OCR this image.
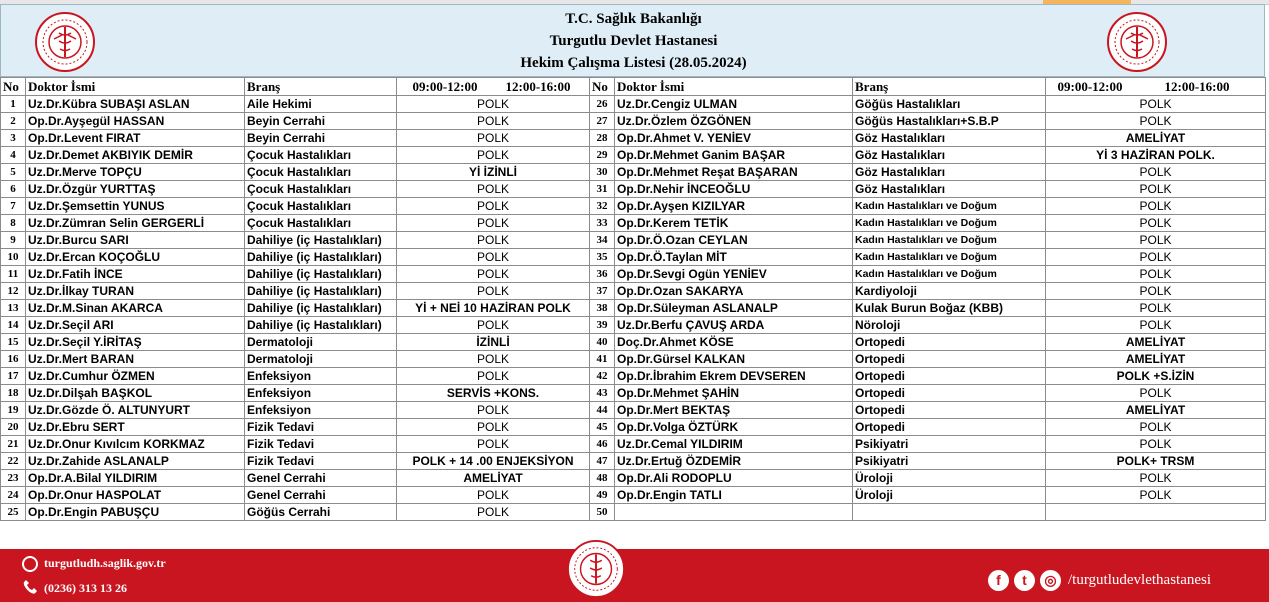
T.C. Sağlık Bakanlığı
Turgutlu Devlet Hastanesi
Hekim Çalışma Listesi (28.05.2024)
No	Doktor İsmi	Branş	09:00-12:00 12:00-16:00	No	Doktor İsmi	Branş	09:00-12:00 12:00-16:00
1	Uz.Dr.Kübra SUBAŞI ASLAN	Aile Hekimi	POLK	26	Uz.Dr.Cengiz ULMAN	Göğüs Hastalıkları	POLK
2	Op.Dr.Ayşegül HASSAN	Beyin Cerrahi	POLK	27	Uz.Dr.Özlem ÖZGÖNEN	Göğüs Hastalıkları+S.B.P	POLK
3	Op.Dr.Levent FIRAT	Beyin Cerrahi	POLK	28	Op.Dr.Ahmet V. YENİEV	Göz Hastalıkları	AMELİYAT
4	Uz.Dr.Demet AKBIYIK DEMİR	Çocuk Hastalıkları	POLK	29	Op.Dr.Mehmet Ganim BAŞAR	Göz Hastalıkları	Yİ 3 HAZİRAN POLK.
5	Uz.Dr.Merve TOPÇU	Çocuk Hastalıkları	Yİ İZİNLİ	30	Op.Dr.Mehmet Reşat BAŞARAN	Göz Hastalıkları	POLK
6	Uz.Dr.Özgür YURTTAŞ	Çocuk Hastalıkları	POLK	31	Op.Dr.Nehir İNCEOĞLU	Göz Hastalıkları	POLK
7	Uz.Dr.Şemsettin YUNUS	Çocuk Hastalıkları	POLK	32	Op.Dr.Ayşen KIZILYAR	Kadın Hastalıkları ve Doğum	POLK
8	Uz.Dr.Zümran Selin GERGERLİ	Çocuk Hastalıkları	POLK	33	Op.Dr.Kerem TETİK	Kadın Hastalıkları ve Doğum	POLK
9	Uz.Dr.Burcu SARI	Dahiliye (iç Hastalıkları)	POLK	34	Op.Dr.Ö.Ozan CEYLAN	Kadın Hastalıkları ve Doğum	POLK
10	Uz.Dr.Ercan KOÇOĞLU	Dahiliye (iç Hastalıkları)	POLK	35	Op.Dr.Ö.Taylan MİT	Kadın Hastalıkları ve Doğum	POLK
11	Uz.Dr.Fatih İNCE	Dahiliye (iç Hastalıkları)	POLK	36	Op.Dr.Sevgi Ogün YENİEV	Kadın Hastalıkları ve Doğum	POLK
12	Uz.Dr.İlkay TURAN	Dahiliye (iç Hastalıkları)	POLK	37	Op.Dr.Ozan SAKARYA	Kardiyoloji	POLK
13	Uz.Dr.M.Sinan AKARCA	Dahiliye (iç Hastalıkları)	Yİ + NEİ 10 HAZİRAN POLK	38	Op.Dr.Süleyman ASLANALP	Kulak Burun Boğaz (KBB)	POLK
14	Uz.Dr.Seçil ARI	Dahiliye (iç Hastalıkları)	POLK	39	Uz.Dr.Berfu ÇAVUŞ ARDA	Nöroloji	POLK
15	Uz.Dr.Seçil Y.İRİTAŞ	Dermatoloji	İZİNLİ	40	Doç.Dr.Ahmet KÖSE	Ortopedi	AMELİYAT
16	Uz.Dr.Mert BARAN	Dermatoloji	POLK	41	Op.Dr.Gürsel KALKAN	Ortopedi	AMELİYAT
17	Uz.Dr.Cumhur ÖZMEN	Enfeksiyon	POLK	42	Op.Dr.İbrahim Ekrem DEVSEREN	Ortopedi	POLK +S.İZİN
18	Uz.Dr.Dilşah BAŞKOL	Enfeksiyon	SERVİS +KONS.	43	Op.Dr.Mehmet ŞAHİN	Ortopedi	POLK
19	Uz.Dr.Gözde Ö. ALTUNYURT	Enfeksiyon	POLK	44	Op.Dr.Mert BEKTAŞ	Ortopedi	AMELİYAT
20	Uz.Dr.Ebru SERT	Fizik Tedavi	POLK	45	Op.Dr.Volga ÖZTÜRK	Ortopedi	POLK
21	Uz.Dr.Onur Kıvılcım KORKMAZ	Fizik Tedavi	POLK	46	Uz.Dr.Cemal YILDIRIM	Psikiyatri	POLK
22	Uz.Dr.Zahide ASLANALP	Fizik Tedavi	POLK + 14 .00 ENJEKSİYON	47	Uz.Dr.Ertuğ ÖZDEMİR	Psikiyatri	POLK+ TRSM
23	Op.Dr.A.Bilal YILDIRIM	Genel Cerrahi	AMELİYAT	48	Op.Dr.Ali RODOPLU	Üroloji	POLK
24	Op.Dr.Onur HASPOLAT	Genel Cerrahi	POLK	49	Op.Dr.Engin TATLI	Üroloji	POLK
25	Op.Dr.Engin PABUŞÇU	Göğüs Cerrahi	POLK	50			
turgutludh.saglik.gov.tr
(0236) 313 13 26	f	t	◎ /turgutludevlethastanesi
